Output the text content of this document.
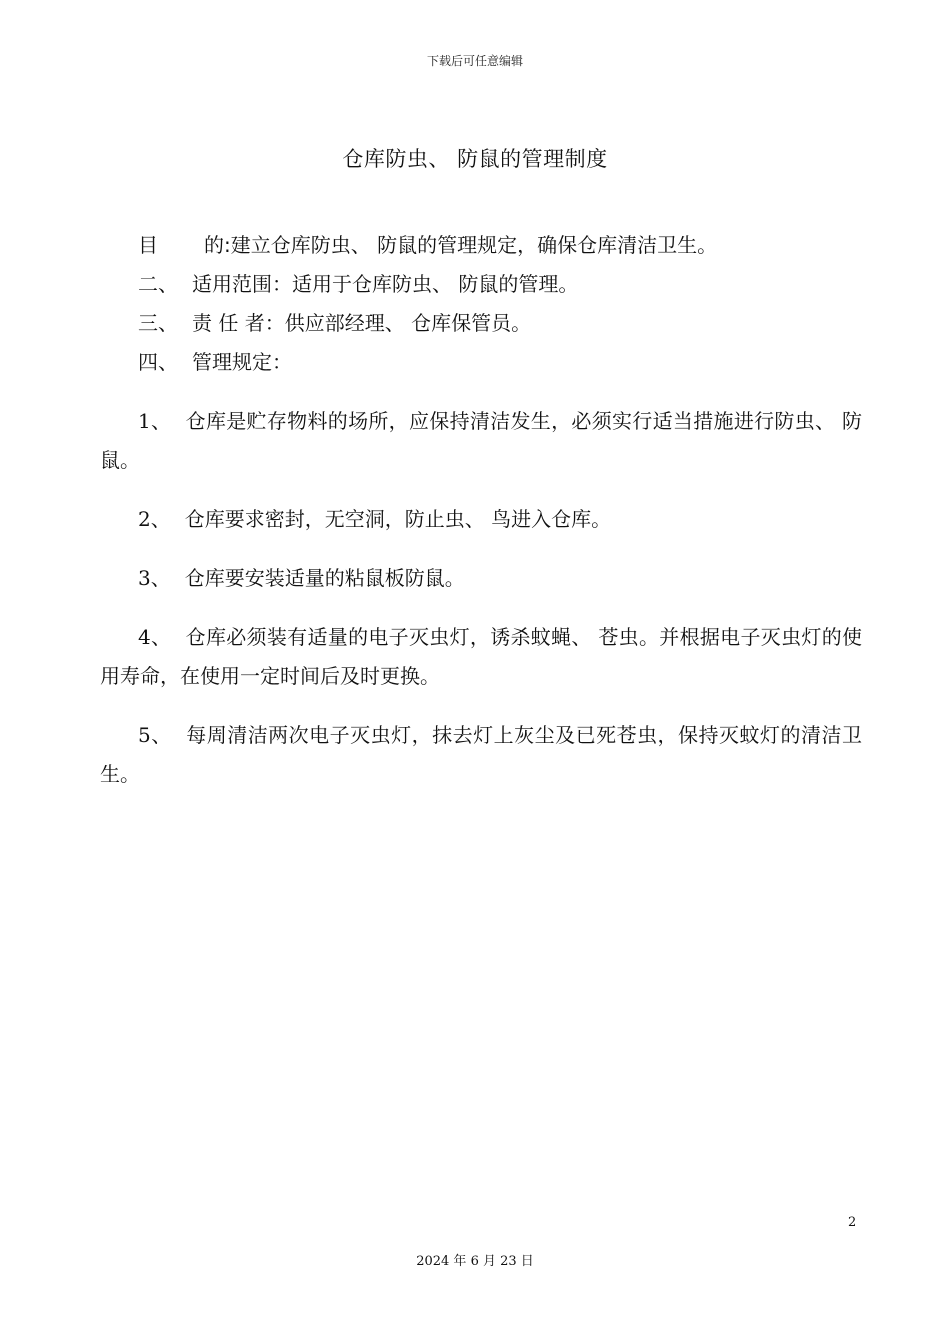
下载后可任意编辑
仓库防虫、 防鼠的管理制度

目 的:建立仓库防虫、 防鼠的管理规定，确保仓库清洁卫生。

二、 适用范围：适用于仓库防虫、 防鼠的管理。

三、 责 任 者：供应部经理、 仓库保管员。

四、 管理规定：

1、 仓库是贮存物料的场所，应保持清洁发生，必须实行适当措施进行防虫、 防鼠。

2、 仓库要求密封，无空洞，防止虫、 鸟进入仓库。

3、 仓库要安装适量的粘鼠板防鼠。

4、 仓库必须装有适量的电子灭虫灯，诱杀蚊蝇、 苍虫。并根据电子灭虫灯的使用寿命，在使用一定时间后及时更换。

5、 每周清洁两次电子灭虫灯，抹去灯上灰尘及已死苍虫，保持灭蚊灯的清洁卫生。

2
2024 年 6 月 23 日
